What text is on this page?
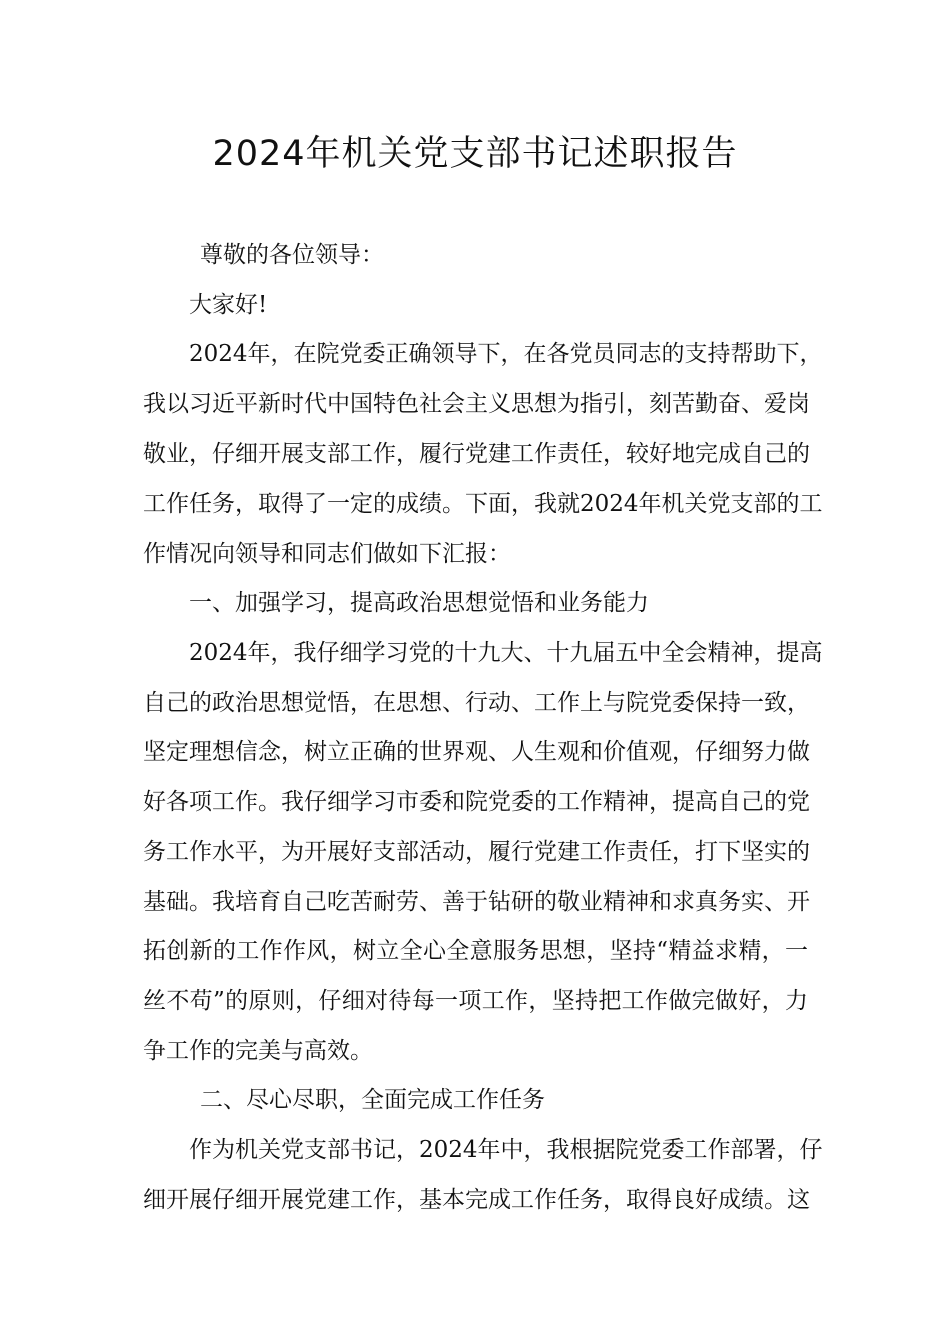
2024年机关党支部书记述职报告

尊敬的各位领导：

大家好!

2024年，在院党委正确领导下，在各党员同志的支持帮助下，

我以习近平新时代中国特色社会主义思想为指引，刻苦勤奋、爱岗

敬业，仔细开展支部工作，履行党建工作责任，较好地完成自己的

工作任务，取得了一定的成绩。下面，我就2024年机关党支部的工

作情况向领导和同志们做如下汇报：

一、加强学习，提高政治思想觉悟和业务能力

2024年，我仔细学习党的十九大、十九届五中全会精神，提高

自己的政治思想觉悟，在思想、行动、工作上与院党委保持一致，

坚定理想信念，树立正确的世界观、人生观和价值观，仔细努力做

好各项工作。我仔细学习市委和院党委的工作精神，提高自己的党

务工作水平，为开展好支部活动，履行党建工作责任，打下坚实的

基础。我培育自己吃苦耐劳、善于钻研的敬业精神和求真务实、开

拓创新的工作作风，树立全心全意服务思想，坚持“精益求精，一

丝不苟”的原则，仔细对待每一项工作，坚持把工作做完做好，力

争工作的完美与高效。

二、尽心尽职，全面完成工作任务

作为机关党支部书记，2024年中，我根据院党委工作部署，仔

细开展仔细开展党建工作，基本完成工作任务，取得良好成绩。这
